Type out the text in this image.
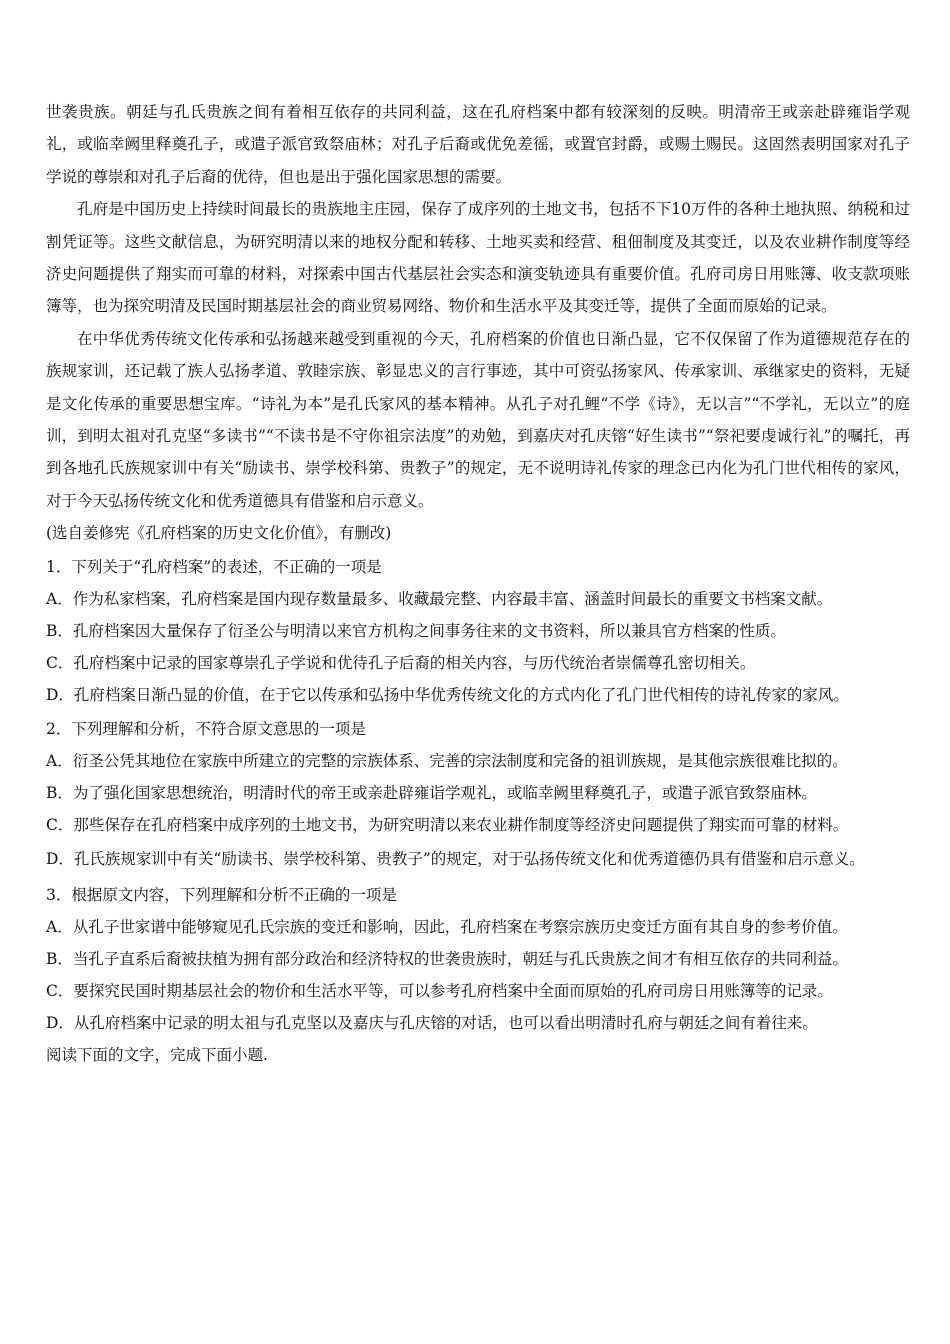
世袭贵族。朝廷与孔氏贵族之间有着相互依存的共同利益，这在孔府档案中都有较深刻的反映。明清帝王或亲赴辟雍诣学观礼，或临幸阙里释奠孔子，或遣子派官致祭庙林；对孔子后裔或优免差徭，或置官封爵，或赐土赐民。这固然表明国家对孔子学说的尊崇和对孔子后裔的优待，但也是出于强化国家思想的需要。

孔府是中国历史上持续时间最长的贵族地主庄园，保存了成序列的土地文书，包括不下10万件的各种土地执照、纳税和过割凭证等。这些文献信息，为研究明清以来的地权分配和转移、土地买卖和经营、租佃制度及其变迁，以及农业耕作制度等经济史问题提供了翔实而可靠的材料，对探索中国古代基层社会实态和演变轨迹具有重要价值。孔府司房日用账簿、收支款项账簿等，也为探究明清及民国时期基层社会的商业贸易网络、物价和生活水平及其变迁等，提供了全面而原始的记录。

在中华优秀传统文化传承和弘扬越来越受到重视的今天，孔府档案的价值也日渐凸显，它不仅保留了作为道德规范存在的族规家训，还记载了族人弘扬孝道、敦睦宗族、彰显忠义的言行事迹，其中可资弘扬家风、传承家训、承继家史的资料，无疑是文化传承的重要思想宝库。“诗礼为本”是孔氏家风的基本精神。从孔子对孔鲤“不学《诗》，无以言”“不学礼，无以立”的庭训，到明太祖对孔克坚“多读书”“不读书是不守你祖宗法度”的劝勉，到嘉庆对孔庆镕“好生读书”“祭祀要虔诚行礼”的嘱托，再到各地孔氏族规家训中有关“励读书、崇学校科第、贵教子”的规定，无不说明诗礼传家的理念已内化为孔门世代相传的家风，对于今天弘扬传统文化和优秀道德具有借鉴和启示意义。

(选自姜修宪《孔府档案的历史文化价值》，有删改)

1．下列关于“孔府档案”的表述，不正确的一项是

A．作为私家档案，孔府档案是国内现存数量最多、收藏最完整、内容最丰富、涵盖时间最长的重要文书档案文献。

B．孔府档案因大量保存了衍圣公与明清以来官方机构之间事务往来的文书资料，所以兼具官方档案的性质。

C．孔府档案中记录的国家尊崇孔子学说和优待孔子后裔的相关内容，与历代统治者崇儒尊孔密切相关。

D．孔府档案日渐凸显的价值，在于它以传承和弘扬中华优秀传统文化的方式内化了孔门世代相传的诗礼传家的家风。

2．下列理解和分析，不符合原文意思的一项是

A．衍圣公凭其地位在家族中所建立的完整的宗族体系、完善的宗法制度和完备的祖训族规，是其他宗族很难比拟的。

B．为了强化国家思想统治，明清时代的帝王或亲赴辟雍诣学观礼，或临幸阙里释奠孔子，或遣子派官致祭庙林。

C．那些保存在孔府档案中成序列的土地文书，为研究明清以来农业耕作制度等经济史问题提供了翔实而可靠的材料。

D．孔氏族规家训中有关“励读书、崇学校科第、贵教子”的规定，对于弘扬传统文化和优秀道德仍具有借鉴和启示意义。

3．根据原文内容，下列理解和分析不正确的一项是

A．从孔子世家谱中能够窥见孔氏宗族的变迁和影响，因此，孔府档案在考察宗族历史变迁方面有其自身的参考价值。

B．当孔子直系后裔被扶植为拥有部分政治和经济特权的世袭贵族时，朝廷与孔氏贵族之间才有相互依存的共同利益。

C．要探究民国时期基层社会的物价和生活水平等，可以参考孔府档案中全面而原始的孔府司房日用账簿等的记录。

D．从孔府档案中记录的明太祖与孔克坚以及嘉庆与孔庆镕的对话，也可以看出明清时孔府与朝廷之间有着往来。

阅读下面的文字，完成下面小题.
